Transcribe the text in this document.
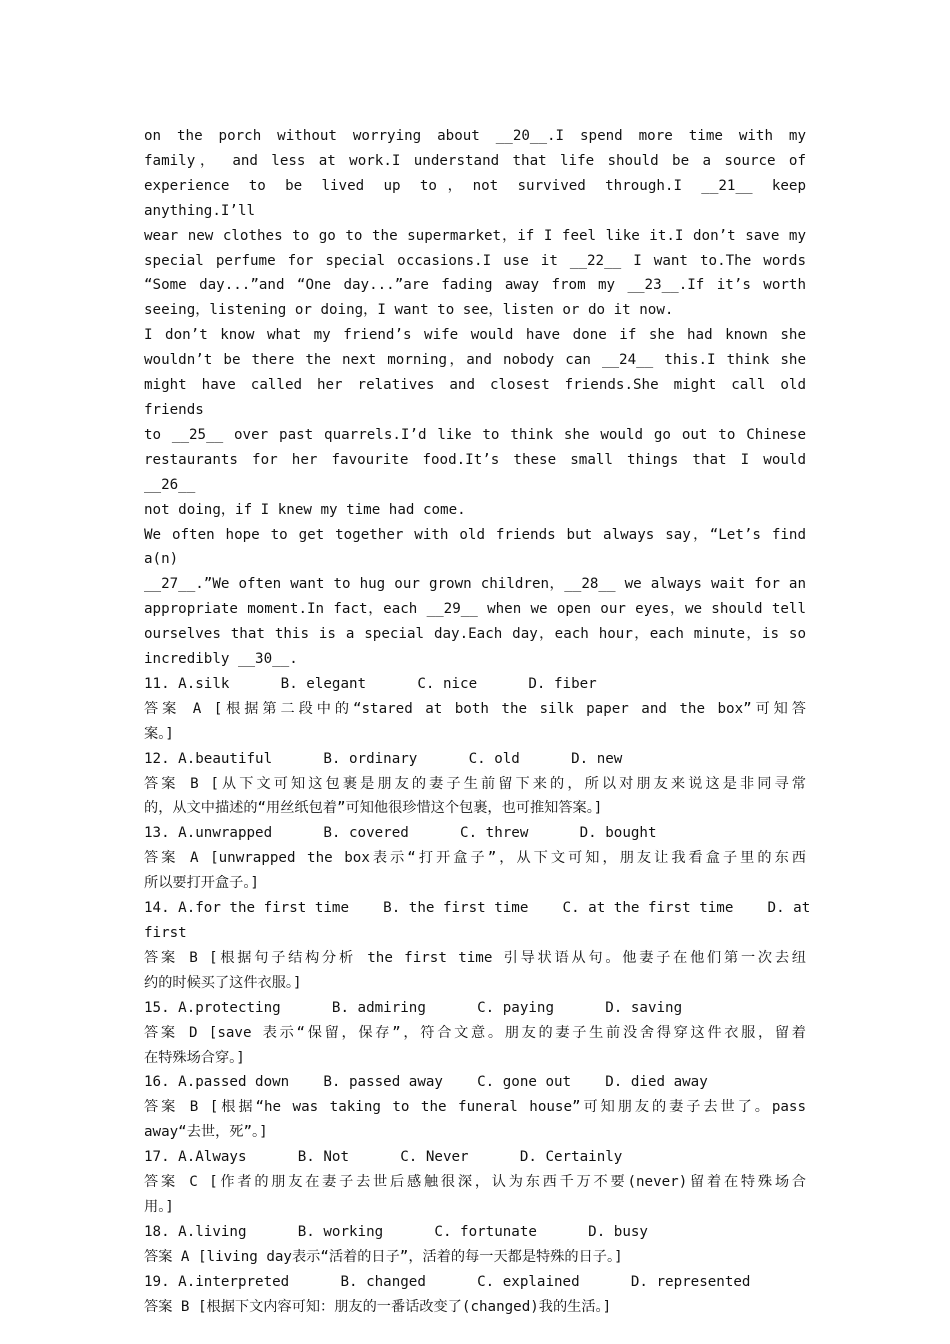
on the porch without worrying about __20__.I spend more time with my
family， and less at work.I understand that life should be a source of
experience to be lived up to，not survived through.I __21__ keep anything.I’ll
wear new clothes to go to the supermarket，if I feel like it.I don’t save my
special perfume for special occasions.I use it __22__ I want to.The words
“Some day...”and “One day...”are fading away from my __23__.If it’s worth
seeing，listening or doing，I want to see，listen or do it now.
I don’t know what my friend’s wife would have done if she had known she
wouldn’t be there the next morning，and nobody can __24__ this.I think she
might have called her relatives and closest friends.She might call old friends
to __25__ over past quarrels.I’d like to think she would go out to Chinese
restaurants for her favourite food.It’s these small things that I would __26__
not doing，if I knew my time had come.
We often hope to get together with old friends but always say，“Let’s find a(n)
__27__.”We often want to hug our grown children，__28__ we always wait for an
appropriate moment.In fact，each __29__ when we open our eyes，we should tell
ourselves that this is a special day.Each day，each hour，each minute，is so
incredibly __30__.
11. A.silk      B. elegant      C. nice      D. fiber
答案 A [根据第二段中的“stared at both the silk paper and the box”可知答
案。]
12. A.beautiful      B. ordinary      C. old      D. new
答案 B [从下文可知这包裹是朋友的妻子生前留下来的，所以对朋友来说这是非同寻常
的，从文中描述的“用丝纸包着”可知他很珍惜这个包裹，也可推知答案。]
13. A.unwrapped      B. covered      C. threw      D. bought
答案 A [unwrapped the box表示“打开盒子”，从下文可知，朋友让我看盒子里的东西
所以要打开盒子。]
14. A.for the first time    B. the first time    C. at the first time    D. at
first
答案 B [根据句子结构分析 the first time 引导状语从句。他妻子在他们第一次去纽
约的时候买了这件衣服。]
15. A.protecting      B. admiring      C. paying      D. saving
答案 D [save 表示“保留，保存”，符合文意。朋友的妻子生前没舍得穿这件衣服，留着
在特殊场合穿。]
16. A.passed down    B. passed away    C. gone out    D. died away
答案 B [根据“he was taking to the funeral house”可知朋友的妻子去世了。pass
away“去世，死”。]
17. A.Always      B. Not      C. Never      D. Certainly
答案 C [作者的朋友在妻子去世后感触很深，认为东西千万不要(never)留着在特殊场合
用。]
18. A.living      B. working      C. fortunate      D. busy
答案 A [living day表示“活着的日子”，活着的每一天都是特殊的日子。]
19. A.interpreted      B. changed      C. explained      D. represented
答案 B [根据下文内容可知：朋友的一番话改变了(changed)我的生活。]
